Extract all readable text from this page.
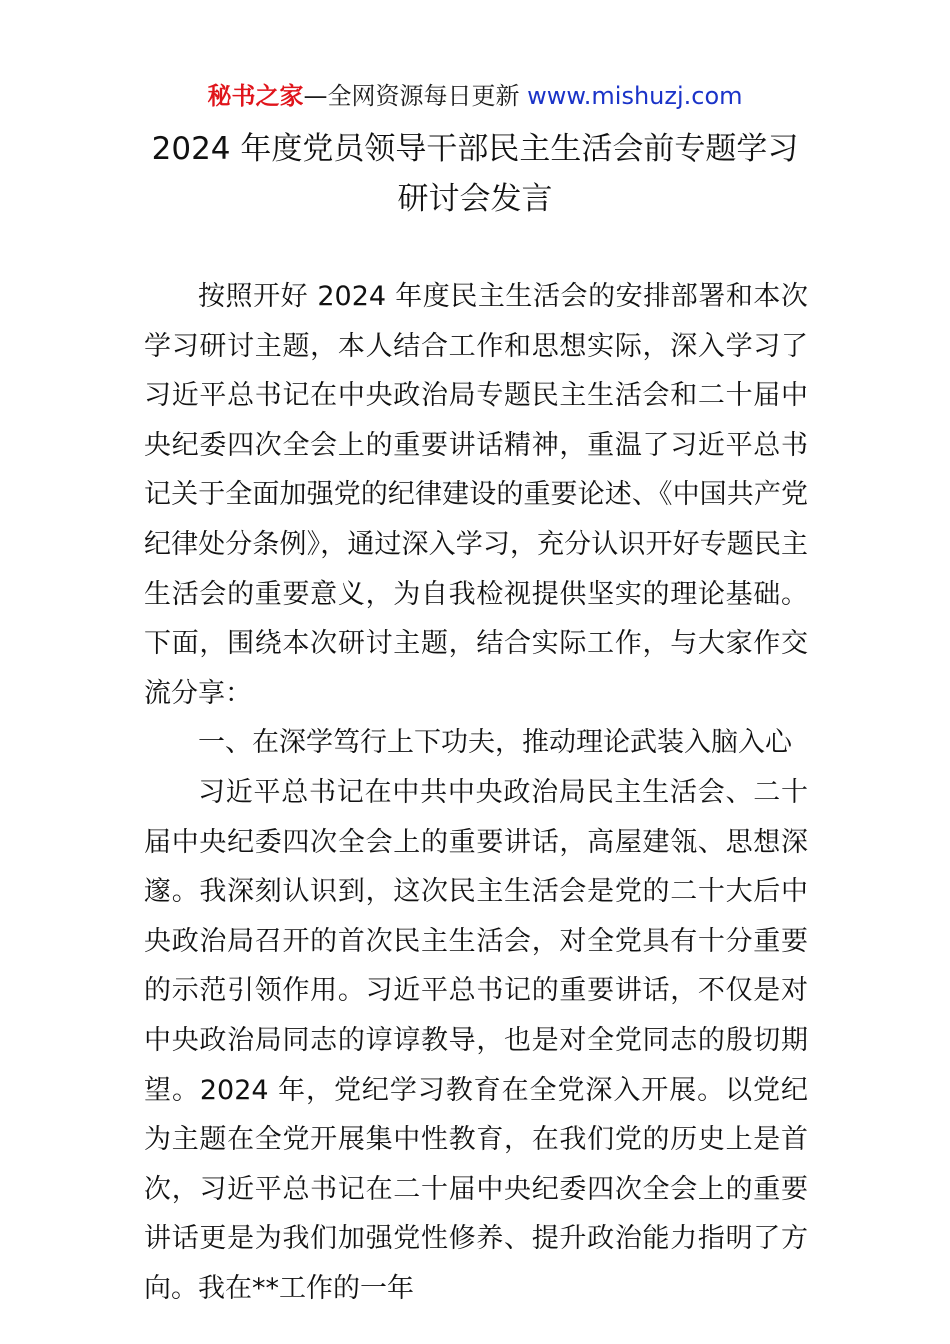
秘书之家—全网资源每日更新 www.mishuzj.com
2024 年度党员领导干部民主生活会前专题学习
研讨会发言

按照开好 2024 年度民主生活会的安排部署和本次学习研讨主题，本人结合工作和思想实际，深入学习了习近平总书记在中央政治局专题民主生活会和二十届中央纪委四次全会上的重要讲话精神，重温了习近平总书记关于全面加强党的纪律建设的重要论述、《中国共产党纪律处分条例》，通过深入学习，充分认识开好专题民主生活会的重要意义，为自我检视提供坚实的理论基础。下面，围绕本次研讨主题，结合实际工作，与大家作交流分享：

一、在深学笃行上下功夫，推动理论武装入脑入心

习近平总书记在中共中央政治局民主生活会、二十届中央纪委四次全会上的重要讲话，高屋建瓴、思想深邃。我深刻认识到，这次民主生活会是党的二十大后中央政治局召开的首次民主生活会，对全党具有十分重要的示范引领作用。习近平总书记的重要讲话，不仅是对中央政治局同志的谆谆教导，也是对全党同志的殷切期望。2024 年，党纪学习教育在全党深入开展。以党纪为主题在全党开展集中性教育，在我们党的历史上是首次，习近平总书记在二十届中央纪委四次全会上的重要讲话更是为我们加强党性修养、提升政治能力指明了方向。我在**工作的一年
